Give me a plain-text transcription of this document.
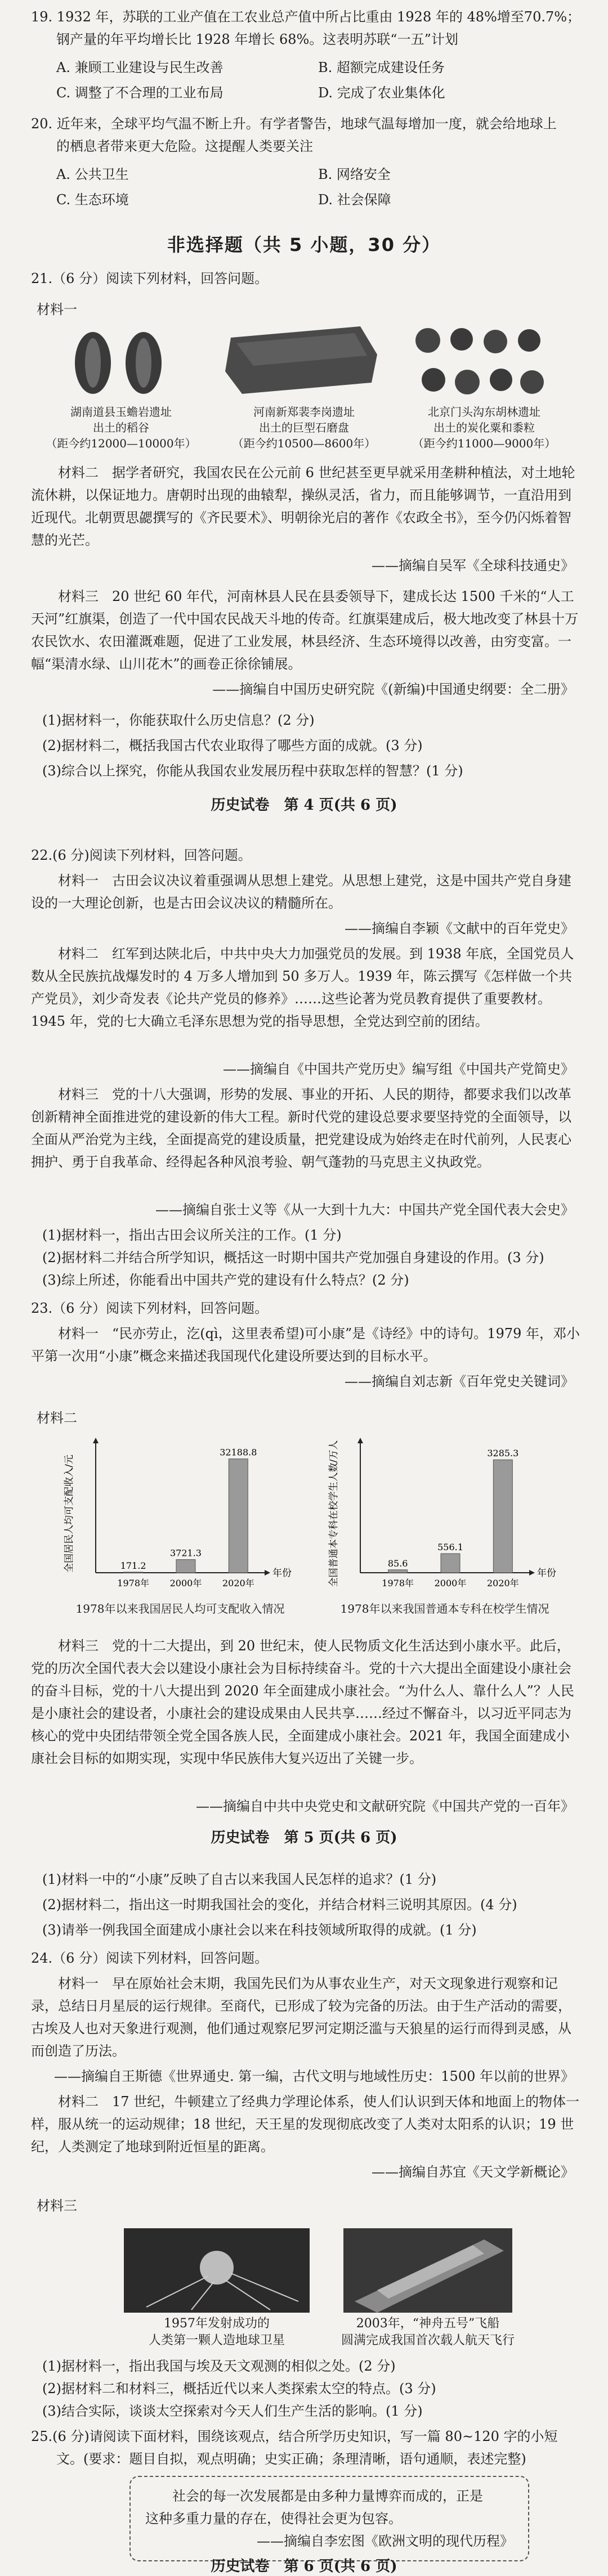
19. 1932 年，苏联的工业产值在工农业总产值中所占比重由 1928 年的 48%增至70.7%；
钢产量的年平均增长比 1928 年增长 68%。这表明苏联“一五”计划
A. 兼顾工业建设与民生改善	B. 超额完成建设任务
C. 调整了不合理的工业布局	D. 完成了农业集体化
20. 近年来，全球平均气温不断上升。有学者警告，地球气温每增加一度，就会给地球上
的栖息者带来更大危险。这提醒人类要关注
A. 公共卫生	B. 网络安全
C. 生态环境	D. 社会保障
非选择题（共 5 小题，30 分）
21.（6 分）阅读下列材料，回答问题。
材料一
湖南道县玉蟾岩遗址
出土的稻谷
（距今约12000—10000年）
河南新郑裴李岗遗址
出土的巨型石磨盘
（距今约10500—8600年）
北京门头沟东胡林遗址
出土的炭化粟和黍粒
（距今约11000—9000年）
材料二　据学者研究，我国农民在公元前 6 世纪甚至更早就采用垄耕种植法，对土地轮流休耕，以保证地力。唐朝时出现的曲辕犁，操纵灵活，省力，而且能够调节，一直沿用到近现代。北朝贾思勰撰写的《齐民要术》、明朝徐光启的著作《农政全书》，至今仍闪烁着智慧的光芒。
——摘编自吴军《全球科技通史》
材料三　20 世纪 60 年代，河南林县人民在县委领导下，建成长达 1500 千米的“人工天河”红旗渠，创造了一代中国农民战天斗地的传奇。红旗渠建成后，极大地改变了林县十万农民饮水、农田灌溉难题，促进了工业发展，林县经济、生态环境得以改善，由穷变富。一幅“渠清水绿、山川花木”的画卷正徐徐铺展。
——摘编自中国历史研究院《(新编)中国通史纲要：全二册》
(1)据材料一，你能获取什么历史信息？(2 分)
(2)据材料二，概括我国古代农业取得了哪些方面的成就。(3 分)
(3)综合以上探究，你能从我国农业发展历程中获取怎样的智慧？(1 分)
历史试卷　第 4 页(共 6 页)
22.(6 分)阅读下列材料，回答问题。
材料一　古田会议决议着重强调从思想上建党。从思想上建党，这是中国共产党自身建设的一大理论创新，也是古田会议决议的精髓所在。
——摘编自李颖《文献中的百年党史》
材料二　红军到达陕北后，中共中央大力加强党员的发展。到 1938 年底，全国党员人数从全民族抗战爆发时的 4 万多人增加到 50 多万人。1939 年，陈云撰写《怎样做一个共产党员》，刘少奇发表《论共产党员的修养》……这些论著为党员教育提供了重要教材。1945 年，党的七大确立毛泽东思想为党的指导思想，全党达到空前的团结。
——摘编自《中国共产党历史》编写组《中国共产党简史》
材料三　党的十八大强调，形势的发展、事业的开拓、人民的期待，都要求我们以改革创新精神全面推进党的建设新的伟大工程。新时代党的建设总要求要坚持党的全面领导，以全面从严治党为主线，全面提高党的建设质量，把党建设成为始终走在时代前列，人民衷心拥护、勇于自我革命、经得起各种风浪考验、朝气蓬勃的马克思主义执政党。
——摘编自张士义等《从一大到十九大：中国共产党全国代表大会史》
(1)据材料一，指出古田会议所关注的工作。(1 分)
(2)据材料二并结合所学知识，概括这一时期中国共产党加强自身建设的作用。(3 分)
(3)综上所述，你能看出中国共产党的建设有什么特点？(2 分)
23.（6 分）阅读下列材料，回答问题。
材料一　“民亦劳止，汔(qì，这里表希望)可小康”是《诗经》中的诗句。1979 年，邓小平第一次用“小康”概念来描述我国现代化建设所要达到的目标水平。
——摘编自刘志新《百年党史关键词》
材料二
全国居民人均可支配收入/元
年份
171.2
1978年
3721.3
2000年
32188.8
2020年
1978年以来我国居民人均可支配收入情况
全国普通本专科在校学生人数/万人	年份
85.6
1978年
556.1
2000年
3285.3
2020年
1978年以来我国普通本专科在校学生情况
材料三　党的十二大提出，到 20 世纪末，使人民物质文化生活达到小康水平。此后，党的历次全国代表大会以建设小康社会为目标持续奋斗。党的十六大提出全面建设小康社会的奋斗目标，党的十八大提出到 2020 年全面建成小康社会。“为什么人、靠什么人”？人民是小康社会的建设者，小康社会的建设成果由人民共享……经过不懈奋斗，以习近平同志为核心的党中央团结带领全党全国各族人民，全面建成小康社会。2021 年，我国全面建成小康社会目标的如期实现，实现中华民族伟大复兴迈出了关键一步。
——摘编自中共中央党史和文献研究院《中国共产党的一百年》
历史试卷　第 5 页(共 6 页)
(1)材料一中的“小康”反映了自古以来我国人民怎样的追求？(1 分)
(2)据材料二，指出这一时期我国社会的变化，并结合材料三说明其原因。(4 分)
(3)请举一例我国全面建成小康社会以来在科技领域所取得的成就。(1 分)
24.（6 分）阅读下列材料，回答问题。
材料一　早在原始社会末期，我国先民们为从事农业生产，对天文现象进行观察和记录，总结日月星辰的运行规律。至商代，已形成了较为完备的历法。由于生产活动的需要，古埃及人也对天象进行观测，他们通过观察尼罗河定期泛滥与天狼星的运行而得到灵感，从而创造了历法。
——摘编自王斯德《世界通史. 第一编，古代文明与地域性历史：1500 年以前的世界》
材料二　17 世纪，牛顿建立了经典力学理论体系，使人们认识到天体和地面上的物体一样，服从统一的运动规律；18 世纪，天王星的发现彻底改变了人类对太阳系的认识；19 世纪，人类测定了地球到附近恒星的距离。
——摘编自苏宜《天文学新概论》
材料三
1957年发射成功的
人类第一颗人造地球卫星
2003年，“神舟五号”飞船
圆满完成我国首次载人航天飞行
(1)据材料一，指出我国与埃及天文观测的相似之处。(2 分)
(2)据材料二和材料三，概括近代以来人类探索太空的特点。(3 分)
(3)结合实际，谈谈太空探索对今天人们生产生活的影响。(1 分)
25.(6 分)请阅读下面材料，围绕该观点，结合所学历史知识，写一篇 80~120 字的小短
文。(要求：题目自拟，观点明确；史实正确；条理清晰，语句通顺，表述完整)
社会的每一次发展都是由多种力量博弈而成的，正是
这种多重力量的存在，使得社会更为包容。
——摘编自李宏图《欧洲文明的现代历程》
历史试卷　第 6 页(共 6 页)
